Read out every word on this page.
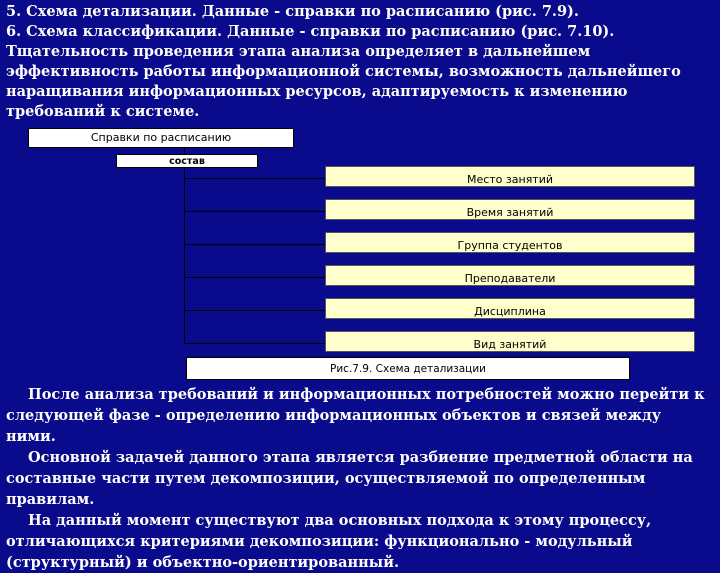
5. Схема детализации. Данные - справки по расписанию (рис. 7.9).

6. Схема классификации. Данные - справки по расписанию (рис. 7.10).

Тщательность проведения этапа анализа определяет в дальнейшем эффективность работы информационной системы, возможность дальнейшего наращивания информационных ресурсов, адаптируемость к изменению требований к системе.

Справки по расписанию
состав
Место занятий
Время занятий
Группа студентов
Преподаватели
Дисциплина
Вид занятий
Рис.7.9. Схема детализации

После анализа требований и информационных потребностей можно перейти к следующей фазе - определению информационных объектов и связей между ними.

Основной задачей данного этапа является разбиение предметной области на составные части путем декомпозиции, осуществляемой по определенным правилам.

На данный момент существуют два основных подхода к этому процессу, отличающихся критериями декомпозиции: функционально - модульный (структурный) и объектно-ориентированный.
